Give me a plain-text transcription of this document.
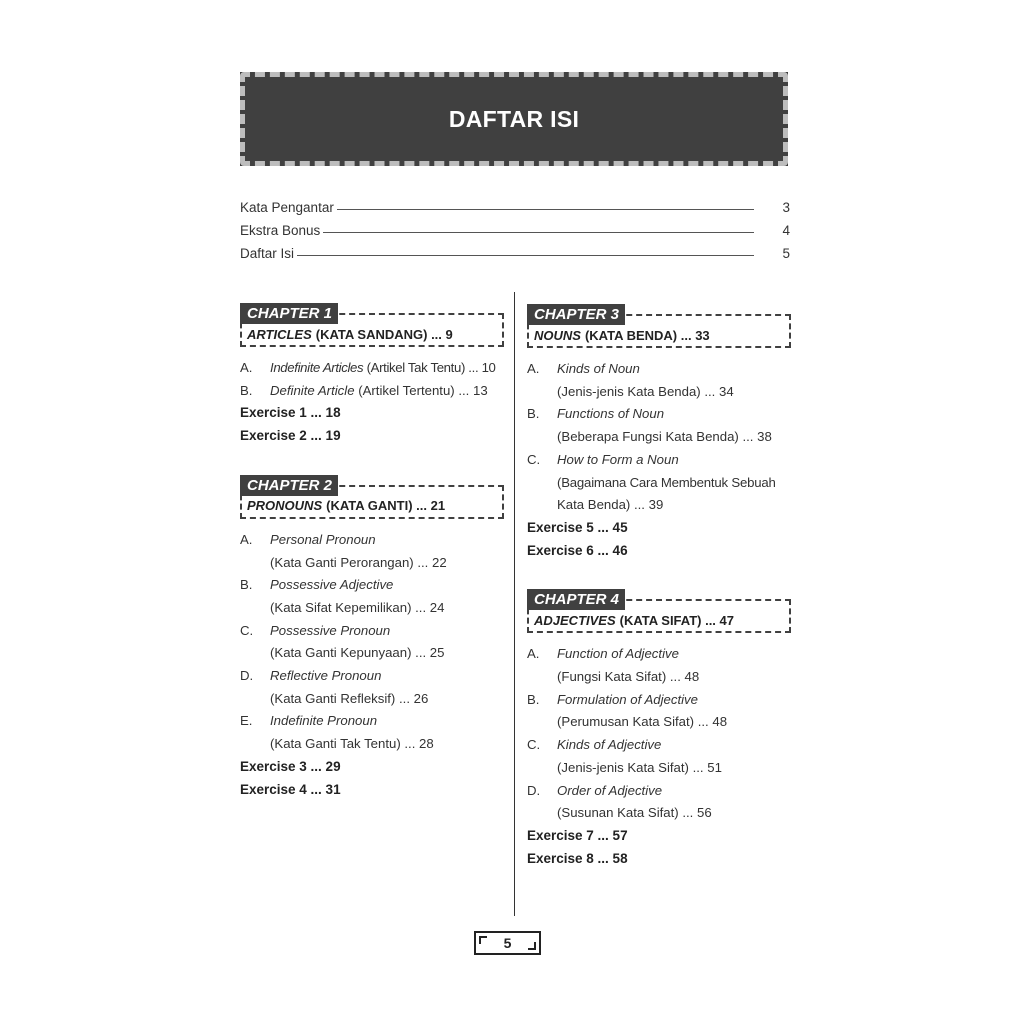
DAFTAR ISI
Kata Pengantar	3
Ekstra Bonus	4
Daftar Isi	5
CHAPTER 1
ARTICLES (KATA SANDANG) ... 9
A.	Indefinite Articles (Artikel Tak Tentu) ... 10
B.	Definite Article (Artikel Tertentu) ... 13
Exercise 1 ... 18
Exercise 2 ... 19
CHAPTER 2
PRONOUNS (KATA GANTI) ... 21
A.	Personal Pronoun
(Kata Ganti Perorangan) ... 22
B.	Possessive Adjective
(Kata Sifat Kepemilikan) ... 24
C.	Possessive Pronoun
(Kata Ganti Kepunyaan) ... 25
D.	Reflective Pronoun
(Kata Ganti Refleksif) ... 26
E.	Indefinite Pronoun
(Kata Ganti Tak Tentu) ... 28
Exercise 3 ... 29
Exercise 4 ... 31
CHAPTER 3
NOUNS (KATA BENDA) ... 33
A.	Kinds of Noun
(Jenis-jenis Kata Benda) ... 34
B.	Functions of Noun
(Beberapa Fungsi Kata Benda) ... 38
C.	How to Form a Noun
(Bagaimana Cara Membentuk Sebuah
Kata Benda) ... 39
Exercise 5 ... 45
Exercise 6 ... 46
CHAPTER 4
ADJECTIVES (KATA SIFAT) ... 47
A.	Function of Adjective
(Fungsi Kata Sifat) ... 48
B.	Formulation of Adjective
(Perumusan Kata Sifat) ... 48
C.	Kinds of Adjective
(Jenis-jenis Kata Sifat) ... 51
D.	Order of Adjective
(Susunan Kata Sifat) ... 56
Exercise 7 ... 57
Exercise 8 ... 58
5
